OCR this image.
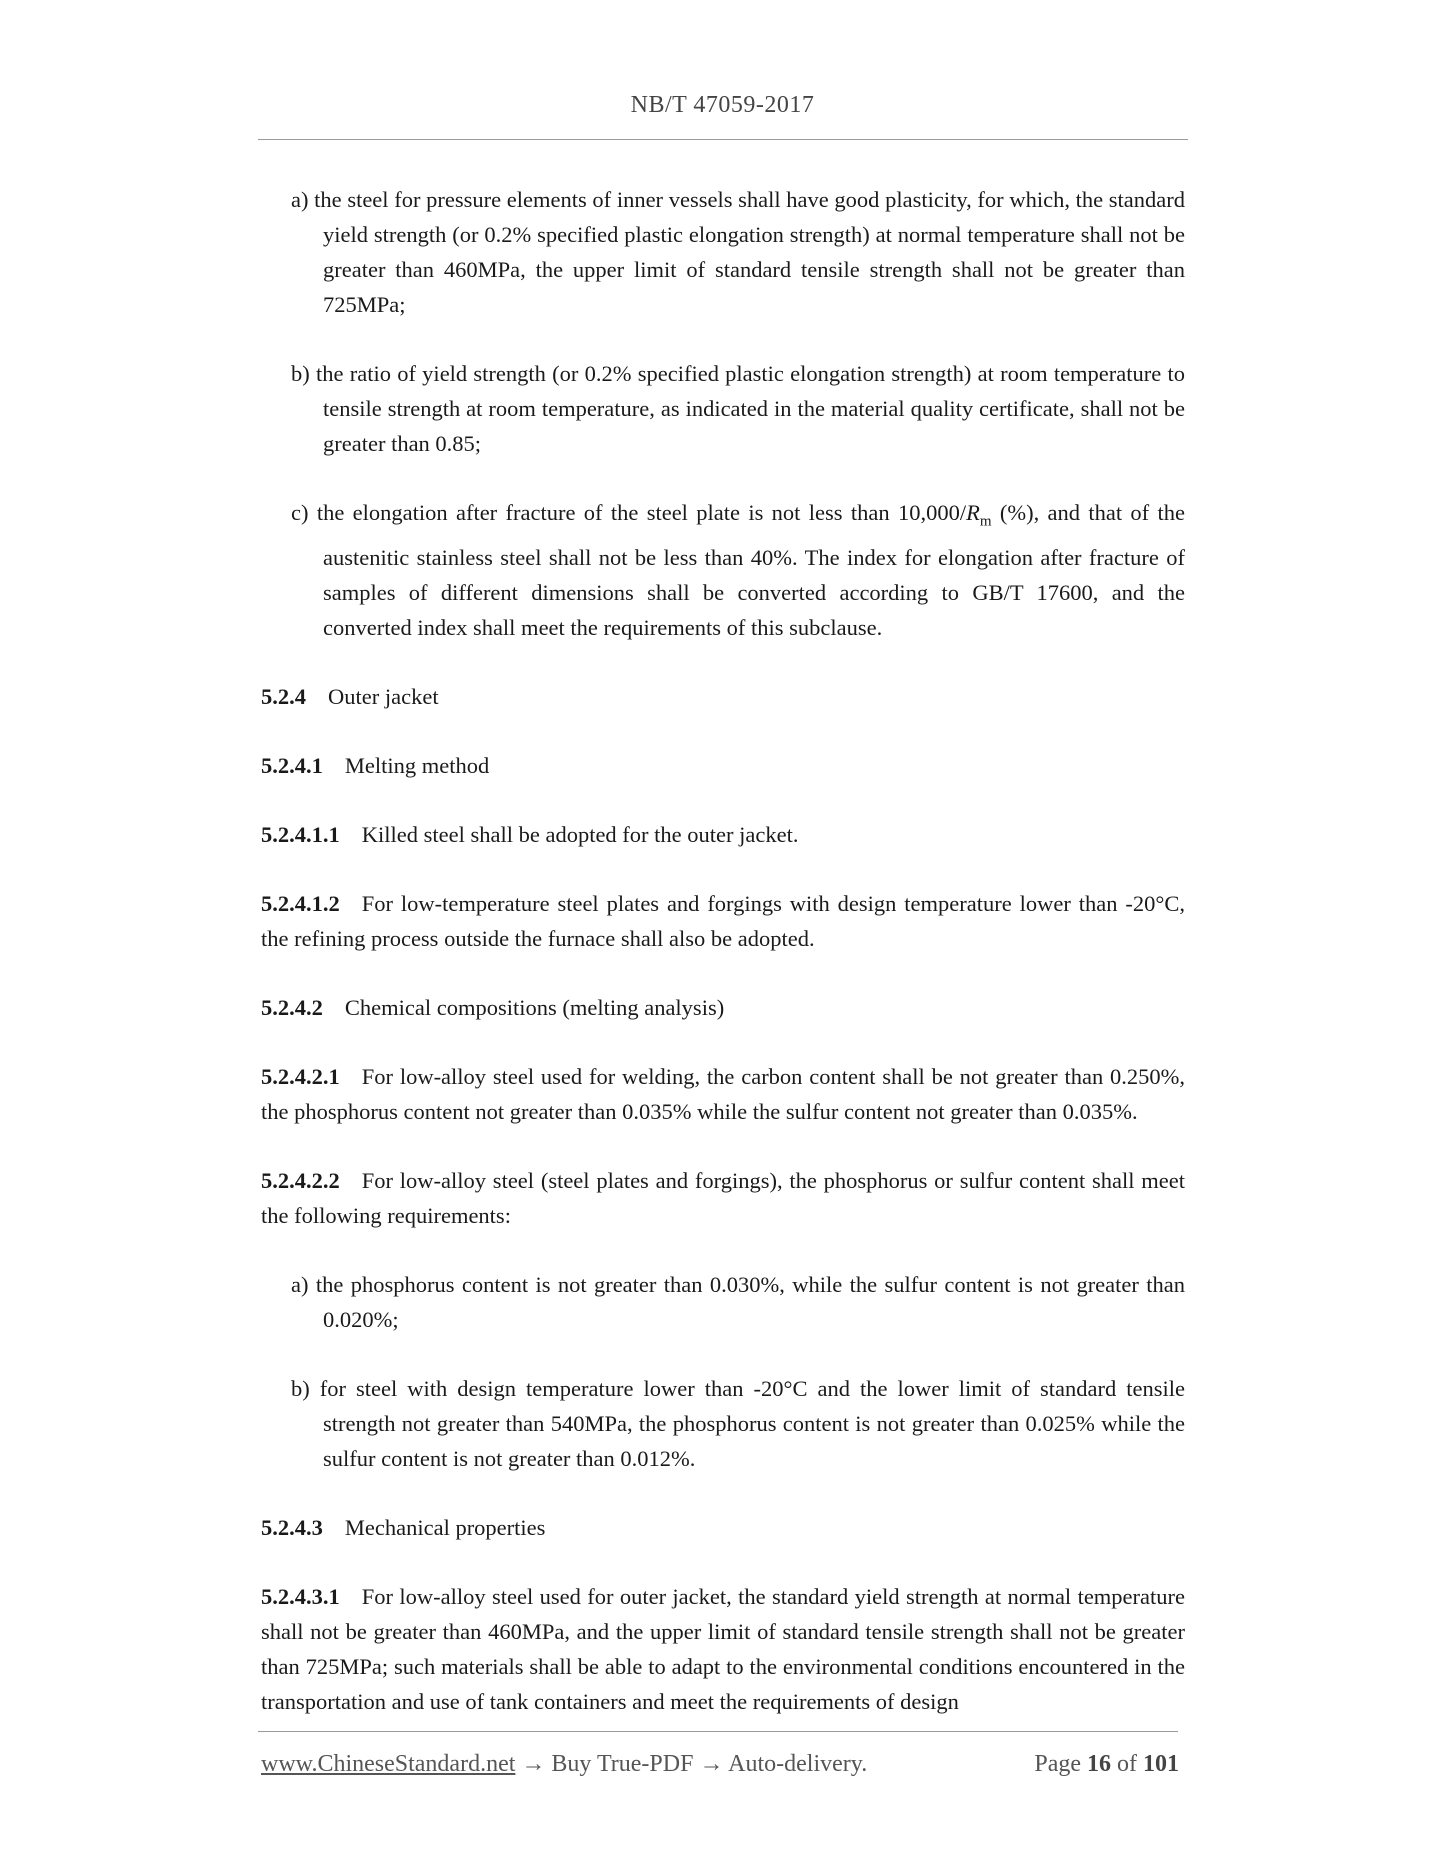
NB/T 47059-2017

a) the steel for pressure elements of inner vessels shall have good plasticity, for which, the standard yield strength (or 0.2% specified plastic elongation strength) at normal temperature shall not be greater than 460MPa, the upper limit of standard tensile strength shall not be greater than 725MPa;

b) the ratio of yield strength (or 0.2% specified plastic elongation strength) at room temperature to tensile strength at room temperature, as indicated in the material quality certificate, shall not be greater than 0.85;

c) the elongation after fracture of the steel plate is not less than $10,000/R_m$ (%), and that of the austenitic stainless steel shall not be less than 40%. The index for elongation after fracture of samples of different dimensions shall be converted according to GB/T 17600, and the converted index shall meet the requirements of this subclause.

5.2.4 Outer jacket

5.2.4.1 Melting method

5.2.4.1.1 Killed steel shall be adopted for the outer jacket.

5.2.4.1.2 For low-temperature steel plates and forgings with design temperature lower than -20°C, the refining process outside the furnace shall also be adopted.

5.2.4.2 Chemical compositions (melting analysis)

5.2.4.2.1 For low-alloy steel used for welding, the carbon content shall be not greater than 0.250%, the phosphorus content not greater than 0.035% while the sulfur content not greater than 0.035%.

5.2.4.2.2 For low-alloy steel (steel plates and forgings), the phosphorus or sulfur content shall meet the following requirements:

a) the phosphorus content is not greater than 0.030%, while the sulfur content is not greater than 0.020%;

b) for steel with design temperature lower than -20°C and the lower limit of standard tensile strength not greater than 540MPa, the phosphorus content is not greater than 0.025% while the sulfur content is not greater than 0.012%.

5.2.4.3 Mechanical properties

5.2.4.3.1 For low-alloy steel used for outer jacket, the standard yield strength at normal temperature shall not be greater than 460MPa, and the upper limit of standard tensile strength shall not be greater than 725MPa; such materials shall be able to adapt to the environmental conditions encountered in the transportation and use of tank containers and meet the requirements of design

www.ChineseStandard.net → Buy True-PDF → Auto-delivery.	Page 16 of 101
